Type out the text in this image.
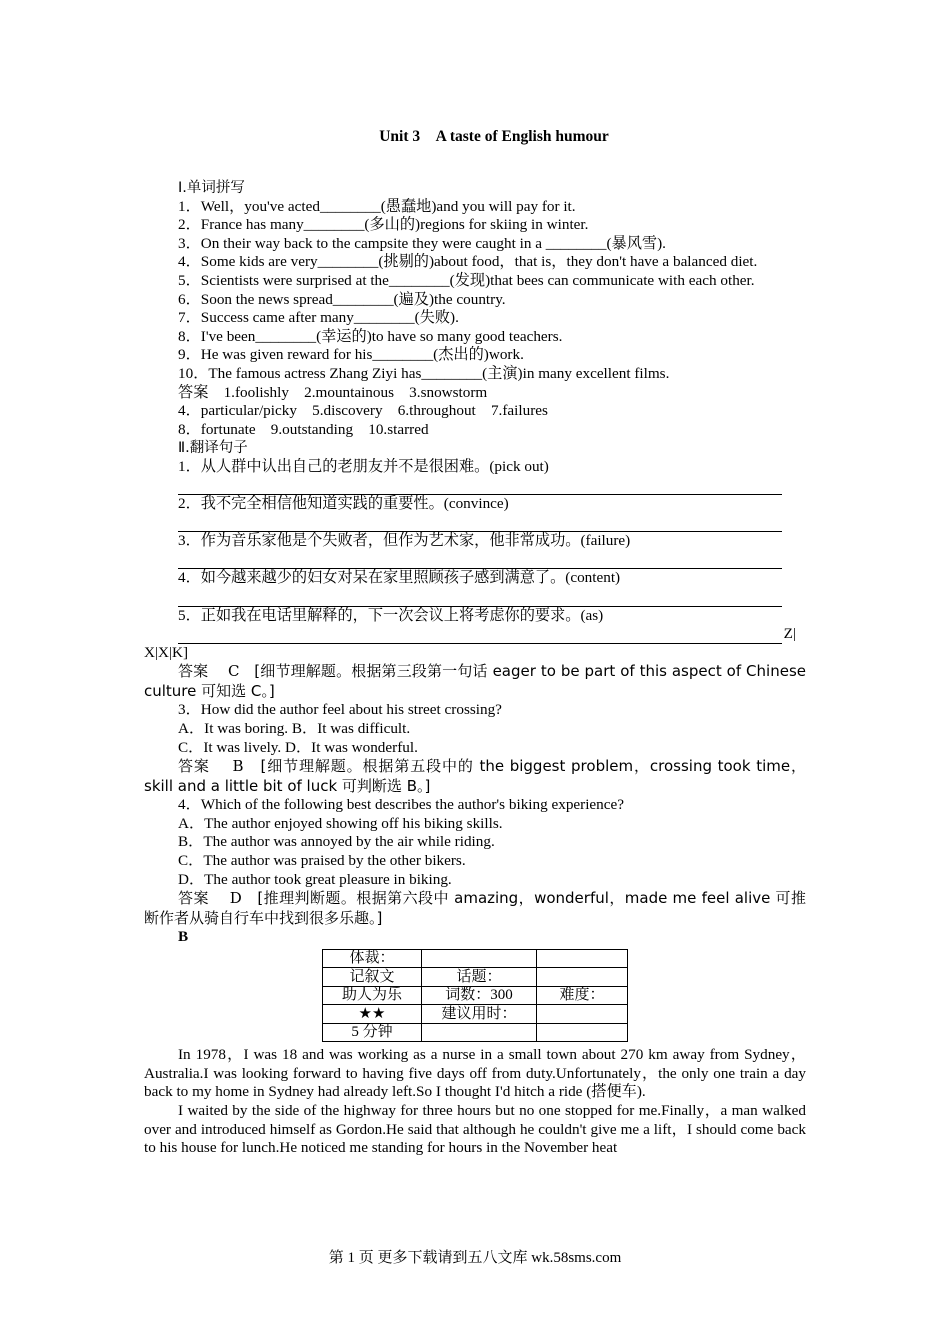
Unit 3　A taste of English humour

Ⅰ.单词拼写

1．Well，you've acted________(愚蠢地)and you will pay for it.

2．France has many________(多山的)regions for skiing in winter.

3．On their way back to the campsite they were caught in a ________(暴风雪).

4．Some kids are very________(挑剔的)about food，that is，they don't have a balanced diet.

5．Scientists were surprised at the________(发现)that bees can communicate with each other.

6．Soon the news spread________(遍及)the country.

7．Success came after many________(失败).

8．I've been________(幸运的)to have so many good teachers.

9．He was given reward for his________(杰出的)work.

10．The famous actress Zhang Ziyi has________(主演)in many excellent films.

答案　1.foolishly　2.mountainous　3.snowstorm

4．particular/picky　5.discovery　6.throughout　7.failures

8．fortunate　9.outstanding　10.starred

Ⅱ.翻译句子

1．从人群中认出自己的老朋友并不是很困难。(pick out)

2．我不完全相信他知道实践的重要性。(convince)

3．作为音乐家他是个失败者，但作为艺术家，他非常成功。(failure)

4．如今越来越少的妇女对呆在家里照顾孩子感到满意了。(content)

5．正如我在电话里解释的，下一次会议上将考虑你的要求。(as)

Z|

X|X|K]

答案 C [细节理解题。根据第三段第一句话 eager to be part of this aspect of Chinese culture 可知选 C。]

3．How did the author feel about his street crossing?

A．It was boring. B．It was difficult.

C．It was lively. D．It was wonderful.

答案 B [细节理解题。根据第五段中的 the biggest problem，crossing took time，skill and a little bit of luck 可判断选 B。]

4．Which of the following best describes the author's biking experience?

A．The author enjoyed showing off his biking skills.

B．The author was annoyed by the air while riding.

C．The author was praised by the other bikers.

D．The author took great pleasure in biking.

答案 D [推理判断题。根据第六段中 amazing，wonderful，made me feel alive 可推断作者从骑自行车中找到很多乐趣。]

B

体裁：		
记叙文	话题：	
助人为乐	词数：300	难度：
★★	建议用时：	
5 分钟		

In 1978，I was 18 and was working as a nurse in a small town about 270 km away from Sydney，Australia.I was looking forward to having five days off from duty.Unfortunately，the only one train a day back to my home in Sydney had already left.So I thought I'd hitch a ride (搭便车).

I waited by the side of the highway for three hours but no one stopped for me.Finally，a man walked over and introduced himself as Gordon.He said that although he couldn't give me a lift，I should come back to his house for lunch.He noticed me standing for hours in the November heat

第 1 页 更多下载请到五八文库 wk.58sms.com
